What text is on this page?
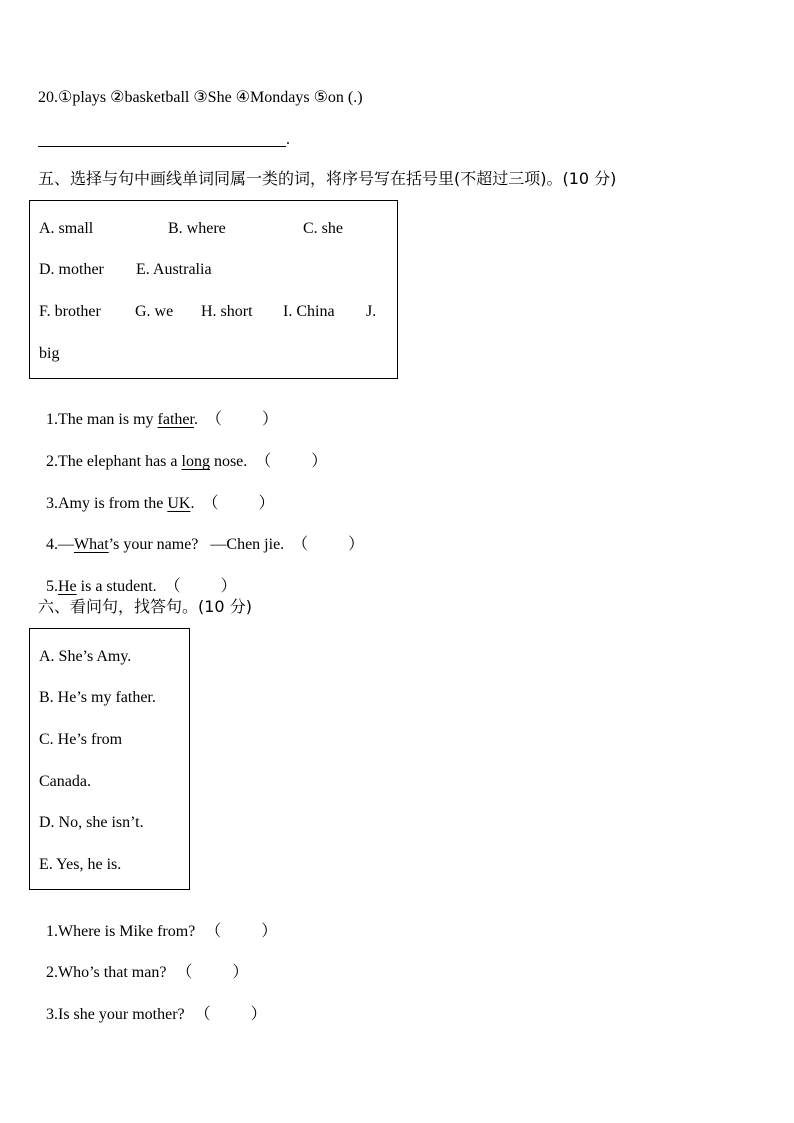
20.①plays ②basketball ③She ④Mondays ⑤on (.)
.
五、选择与句中画线单词同属一类的词，将序号写在括号里(不超过三项)。(10 分)
A. small	B. where	C. she
D. mother E. Australia
F. brother G. we H. short I. China J.
big

1.The man is my father. （          ）

2.The elephant has a long nose. （          ）

3.Amy is from the UK. （          ）

4.—What’s your name?   —Chen jie. （          ）

5.He is a student. （          ）

六、看问句，找答句。(10 分)
A. She’s Amy.
B. He’s my father.
C. He’s from
Canada.
D. No, she isn’t.
E. Yes, he is.

1.Where is Mike from? （          ）

2.Who’s that man? （          ）

3.Is she your mother? （          ）
